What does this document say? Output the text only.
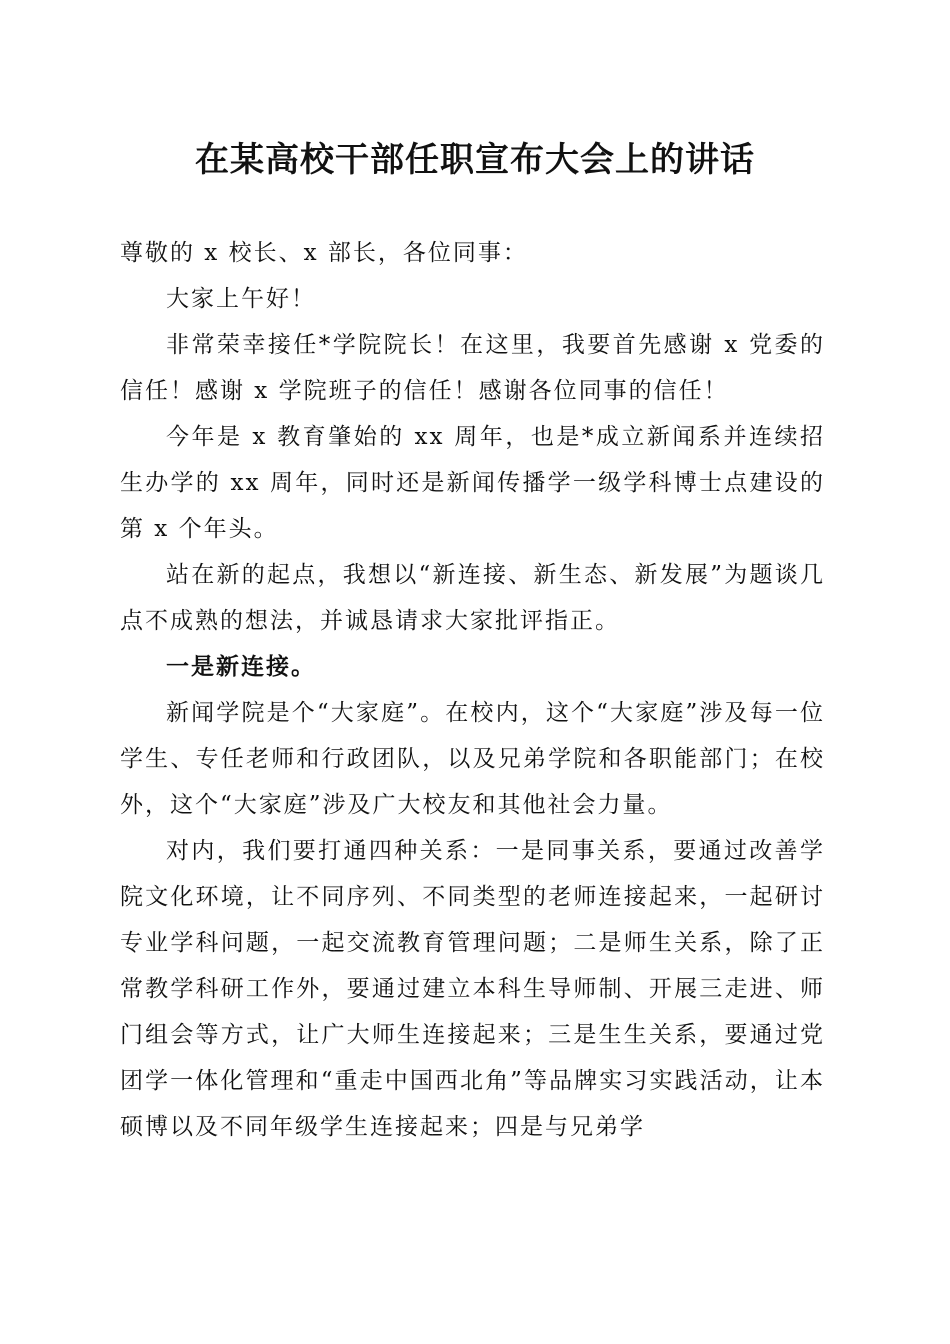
在某高校干部任职宣布大会上的讲话

尊敬的 x 校长、x 部长，各位同事：

大家上午好！

非常荣幸接任*学院院长！在这里，我要首先感谢 x 党委的信任！感谢 x 学院班子的信任！感谢各位同事的信任！

今年是 x 教育肇始的 xx 周年，也是*成立新闻系并连续招生办学的 xx 周年，同时还是新闻传播学一级学科博士点建设的第 x 个年头。

站在新的起点，我想以“新连接、新生态、新发展”为题谈几点不成熟的想法，并诚恳请求大家批评指正。

一是新连接。

新闻学院是个“大家庭”。在校内，这个“大家庭”涉及每一位学生、专任老师和行政团队，以及兄弟学院和各职能部门；在校外，这个“大家庭”涉及广大校友和其他社会力量。

对内，我们要打通四种关系：一是同事关系，要通过改善学院文化环境，让不同序列、不同类型的老师连接起来，一起研讨专业学科问题，一起交流教育管理问题；二是师生关系，除了正常教学科研工作外，要通过建立本科生导师制、开展三走进、师门组会等方式，让广大师生连接起来；三是生生关系，要通过党团学一体化管理和“重走中国西北角”等品牌实习实践活动，让本硕博以及不同年级学生连接起来；四是与兄弟学
